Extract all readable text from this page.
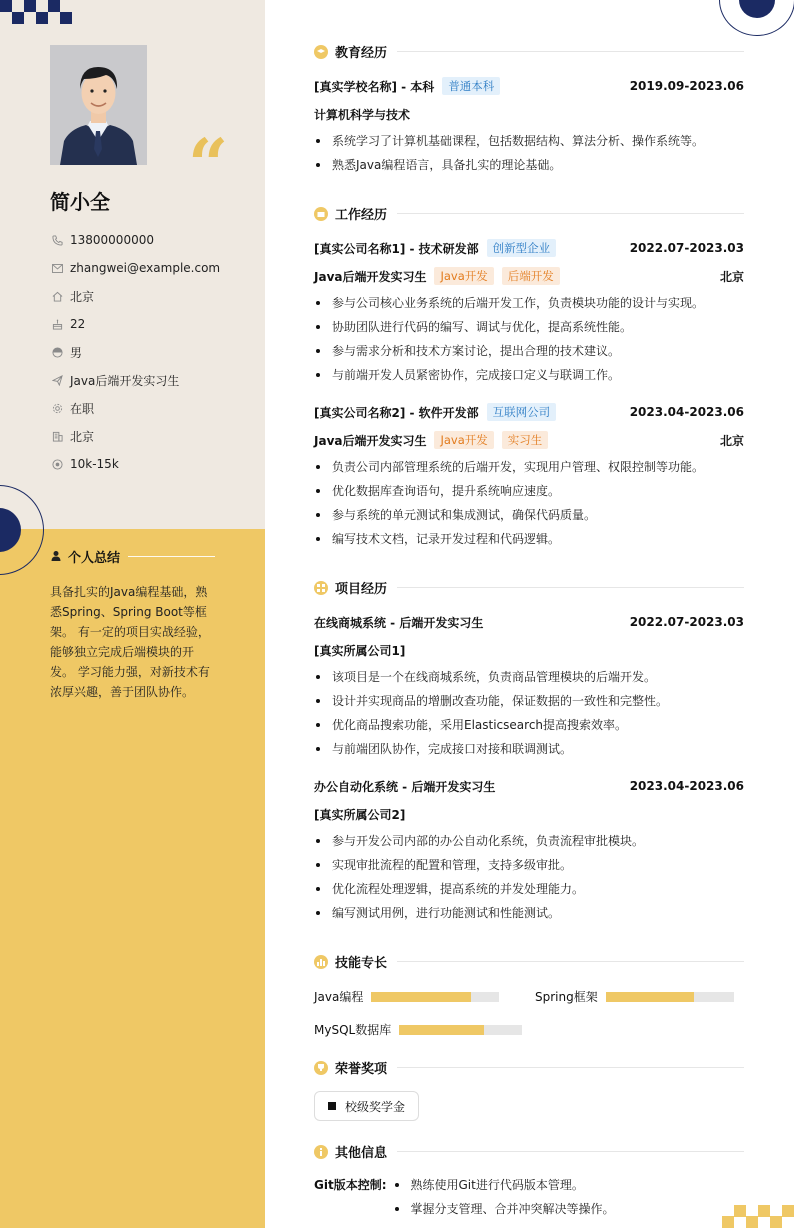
“
简小全
13800000000
zhangwei@example.com
北京
22
男
Java后端开发实习生
在职
北京
10k-15k
个人总结
具备扎实的Java编程基础，熟悉Spring、Spring Boot等框架。 有一定的项目实战经验，能够独立完成后端模块的开发。 学习能力强，对新技术有浓厚兴趣，善于团队协作。
教育经历
[真实学校名称] - 本科	普通本科	2019.09-2023.06
计算机科学与技术
系统学习了计算机基础课程，包括数据结构、算法分析、操作系统等。
熟悉Java编程语言，具备扎实的理论基础。
工作经历
[真实公司名称1] - 技术研发部	创新型企业	2022.07-2023.03
Java后端开发实习生	Java开发	后端开发	北京
参与公司核心业务系统的后端开发工作，负责模块功能的设计与实现。
协助团队进行代码的编写、调试与优化，提高系统性能。
参与需求分析和技术方案讨论，提出合理的技术建议。
与前端开发人员紧密协作，完成接口定义与联调工作。
[真实公司名称2] - 软件开发部	互联网公司	2023.04-2023.06
Java后端开发实习生	Java开发	实习生	北京
负责公司内部管理系统的后端开发，实现用户管理、权限控制等功能。
优化数据库查询语句，提升系统响应速度。
参与系统的单元测试和集成测试，确保代码质量。
编写技术文档，记录开发过程和代码逻辑。
项目经历
在线商城系统 - 后端开发实习生	2022.07-2023.03
[真实所属公司1]
该项目是一个在线商城系统，负责商品管理模块的后端开发。
设计并实现商品的增删改查功能，保证数据的一致性和完整性。
优化商品搜索功能，采用Elasticsearch提高搜索效率。
与前端团队协作，完成接口对接和联调测试。
办公自动化系统 - 后端开发实习生	2023.04-2023.06
[真实所属公司2]
参与开发公司内部的办公自动化系统，负责流程审批模块。
实现审批流程的配置和管理，支持多级审批。
优化流程处理逻辑，提高系统的并发处理能力。
编写测试用例，进行功能测试和性能测试。
技能专长
Java编程	Spring框架
MySQL数据库
荣誉奖项
校级奖学金
其他信息
Git版本控制:	熟练使用Git进行代码版本管理。
掌握分支管理、合并冲突解决等操作。
